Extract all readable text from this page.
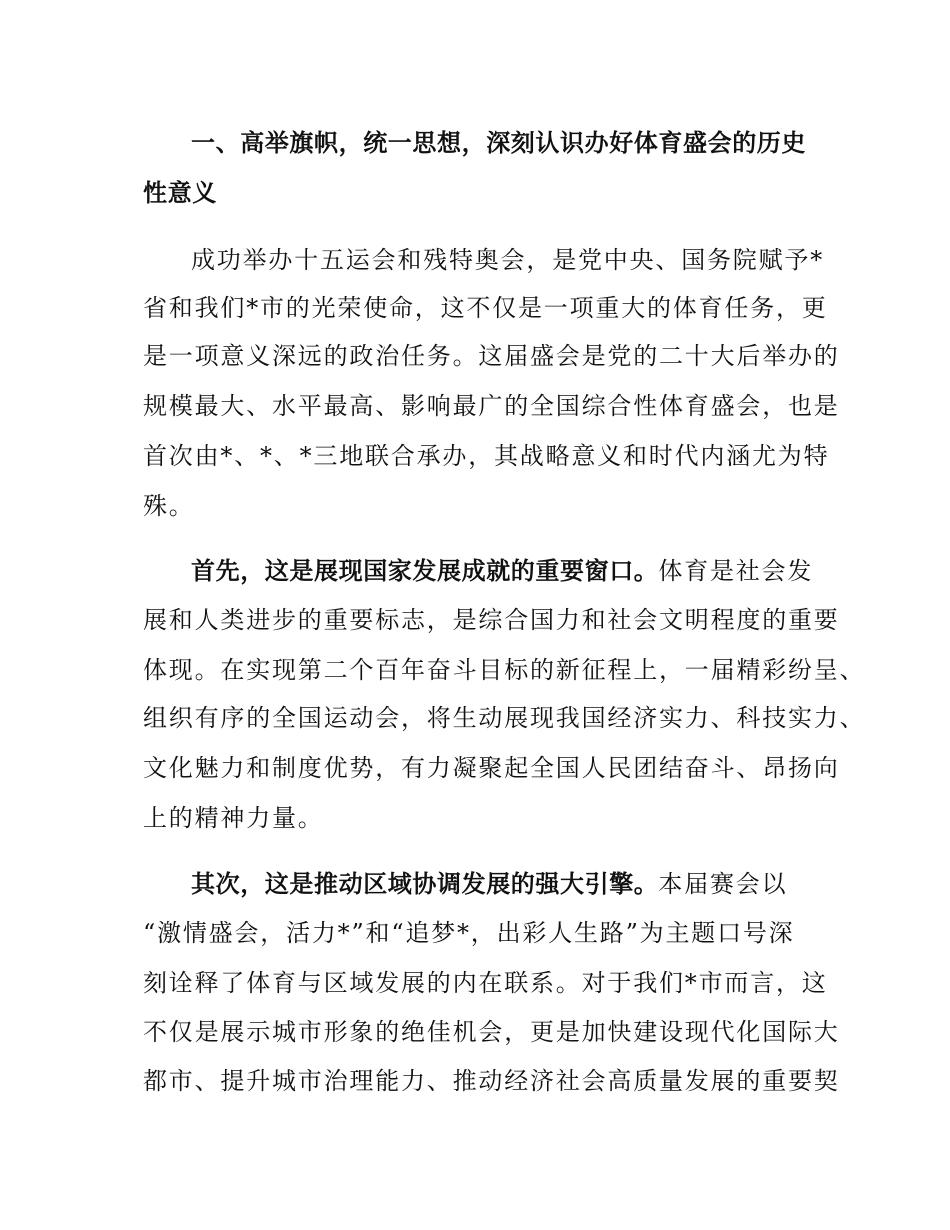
一、高举旗帜，统一思想，深刻认识办好体育盛会的历史
性意义
成功举办十五运会和残特奥会，是党中央、国务院赋予*
省和我们*市的光荣使命，这不仅是一项重大的体育任务，更
是一项意义深远的政治任务。这届盛会是党的二十大后举办的
规模最大、水平最高、影响最广的全国综合性体育盛会，也是
首次由*、*、*三地联合承办，其战略意义和时代内涵尤为特
殊。
首先，这是展现国家发展成就的重要窗口。体育是社会发
展和人类进步的重要标志，是综合国力和社会文明程度的重要
体现。在实现第二个百年奋斗目标的新征程上，一届精彩纷呈、
组织有序的全国运动会，将生动展现我国经济实力、科技实力、
文化魅力和制度优势，有力凝聚起全国人民团结奋斗、昂扬向
上的精神力量。
其次，这是推动区域协调发展的强大引擎。本届赛会以
“激情盛会，活力*”和“追梦*，出彩人生路”为主题口号深
刻诠释了体育与区域发展的内在联系。对于我们*市而言，这
不仅是展示城市形象的绝佳机会，更是加快建设现代化国际大
都市、提升城市治理能力、推动经济社会高质量发展的重要契
